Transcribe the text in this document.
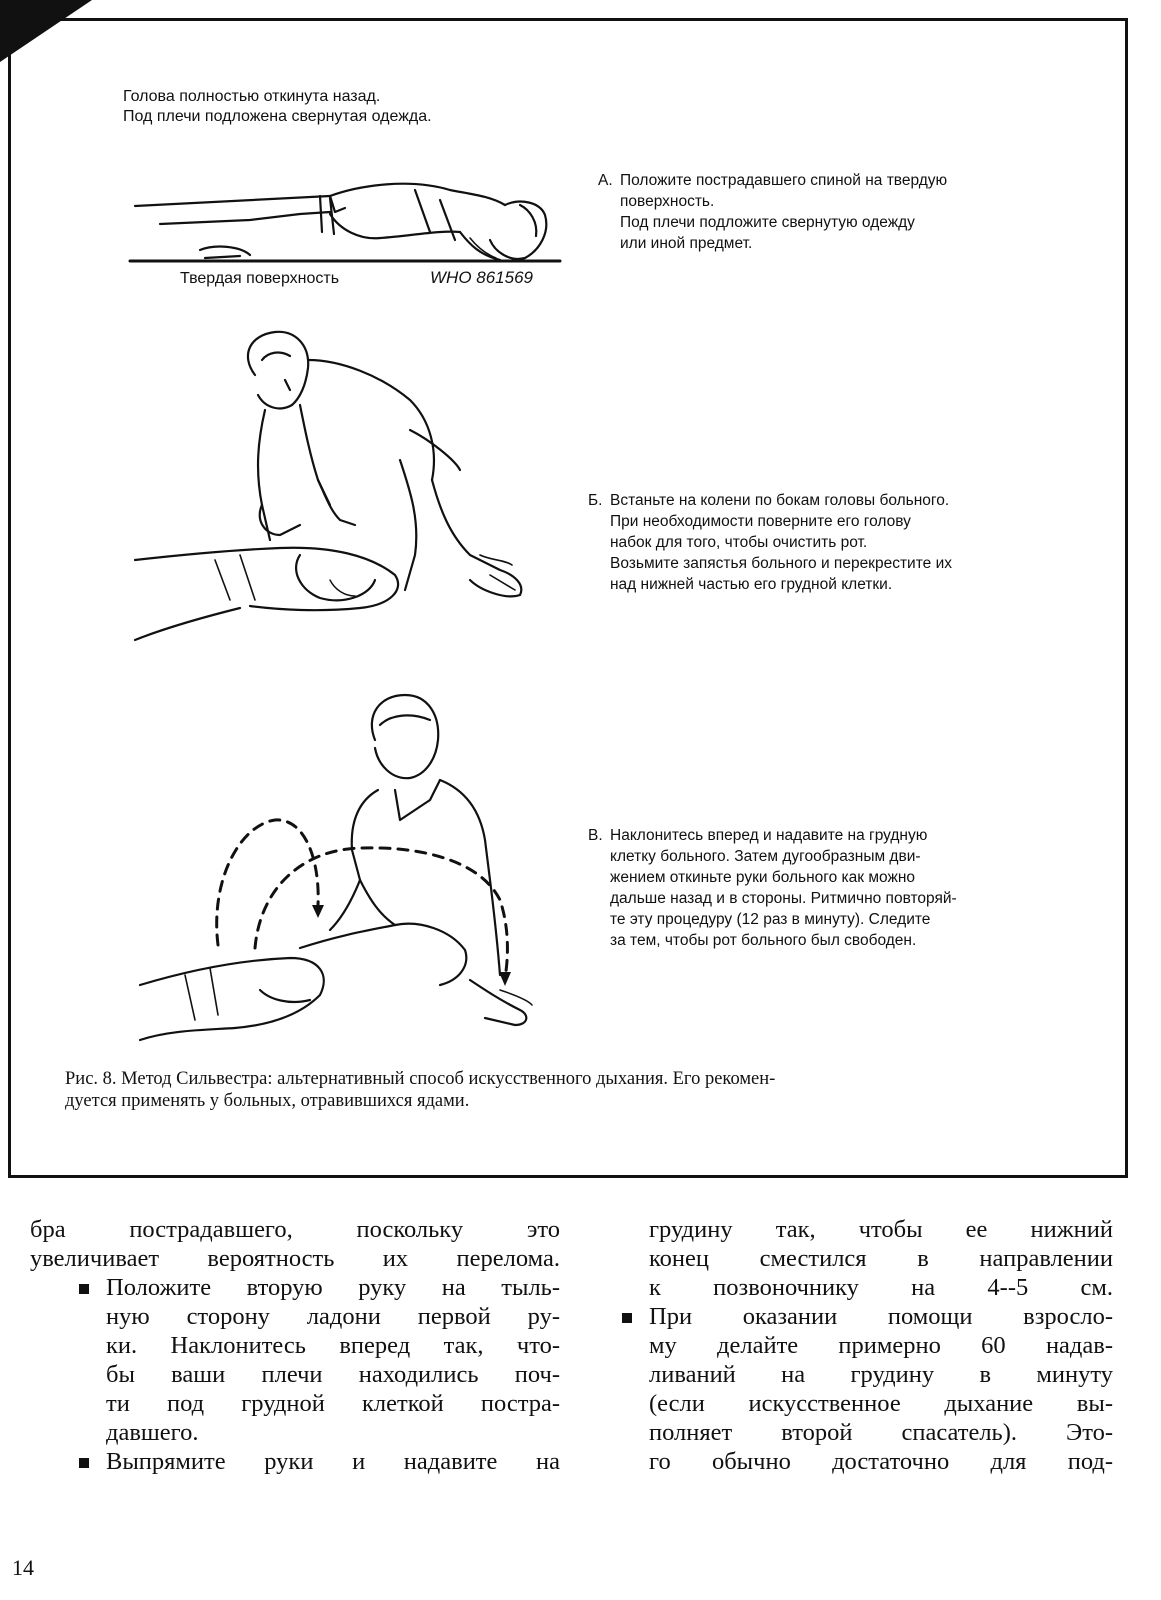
Голова полностью откинута назад.
Под плечи подложена свернутая одежда.
Твердая поверхность	WHO 861569
А. Положите пострадавшего спиной на твердую
поверхность.
Под плечи подложите свернутую одежду
или иной предмет.
Б. Встаньте на колени по бокам головы больного.
При необходимости поверните его голову
набок для того, чтобы очистить рот.
Возьмите запястья больного и перекрестите их
над нижней частью его грудной клетки.
В. Наклонитесь вперед и надавите на грудную
клетку больного. Затем дугообразным дви-
жением откиньте руки больного как можно
дальше назад и в стороны. Ритмично повторяй-
те эту процедуру (12 раз в минуту). Следите
за тем, чтобы рот больного был свободен.
Рис. 8. Метод Сильвестра: альтернативный способ искусственного дыхания. Его рекомен-
дуется применять у больных, отравившихся ядами.
бра пострадавшего, поскольку это
увеличивает вероятность их перелома.
Положите вторую руку на тыль-
ную сторону ладони первой ру-
ки. Наклонитесь вперед так, что-
бы ваши плечи находились поч-
ти под грудной клеткой постра-
давшего.
Выпрямите руки и надавите на
грудину так, чтобы ее нижний
конец сместился в направлении
к позвоночнику на 4--5 см.
При оказании помощи взросло-
му делайте примерно 60 надав-
ливаний на грудину в минуту
(если искусственное дыхание вы-
полняет второй спасатель). Это-
го обычно достаточно для под-
14
